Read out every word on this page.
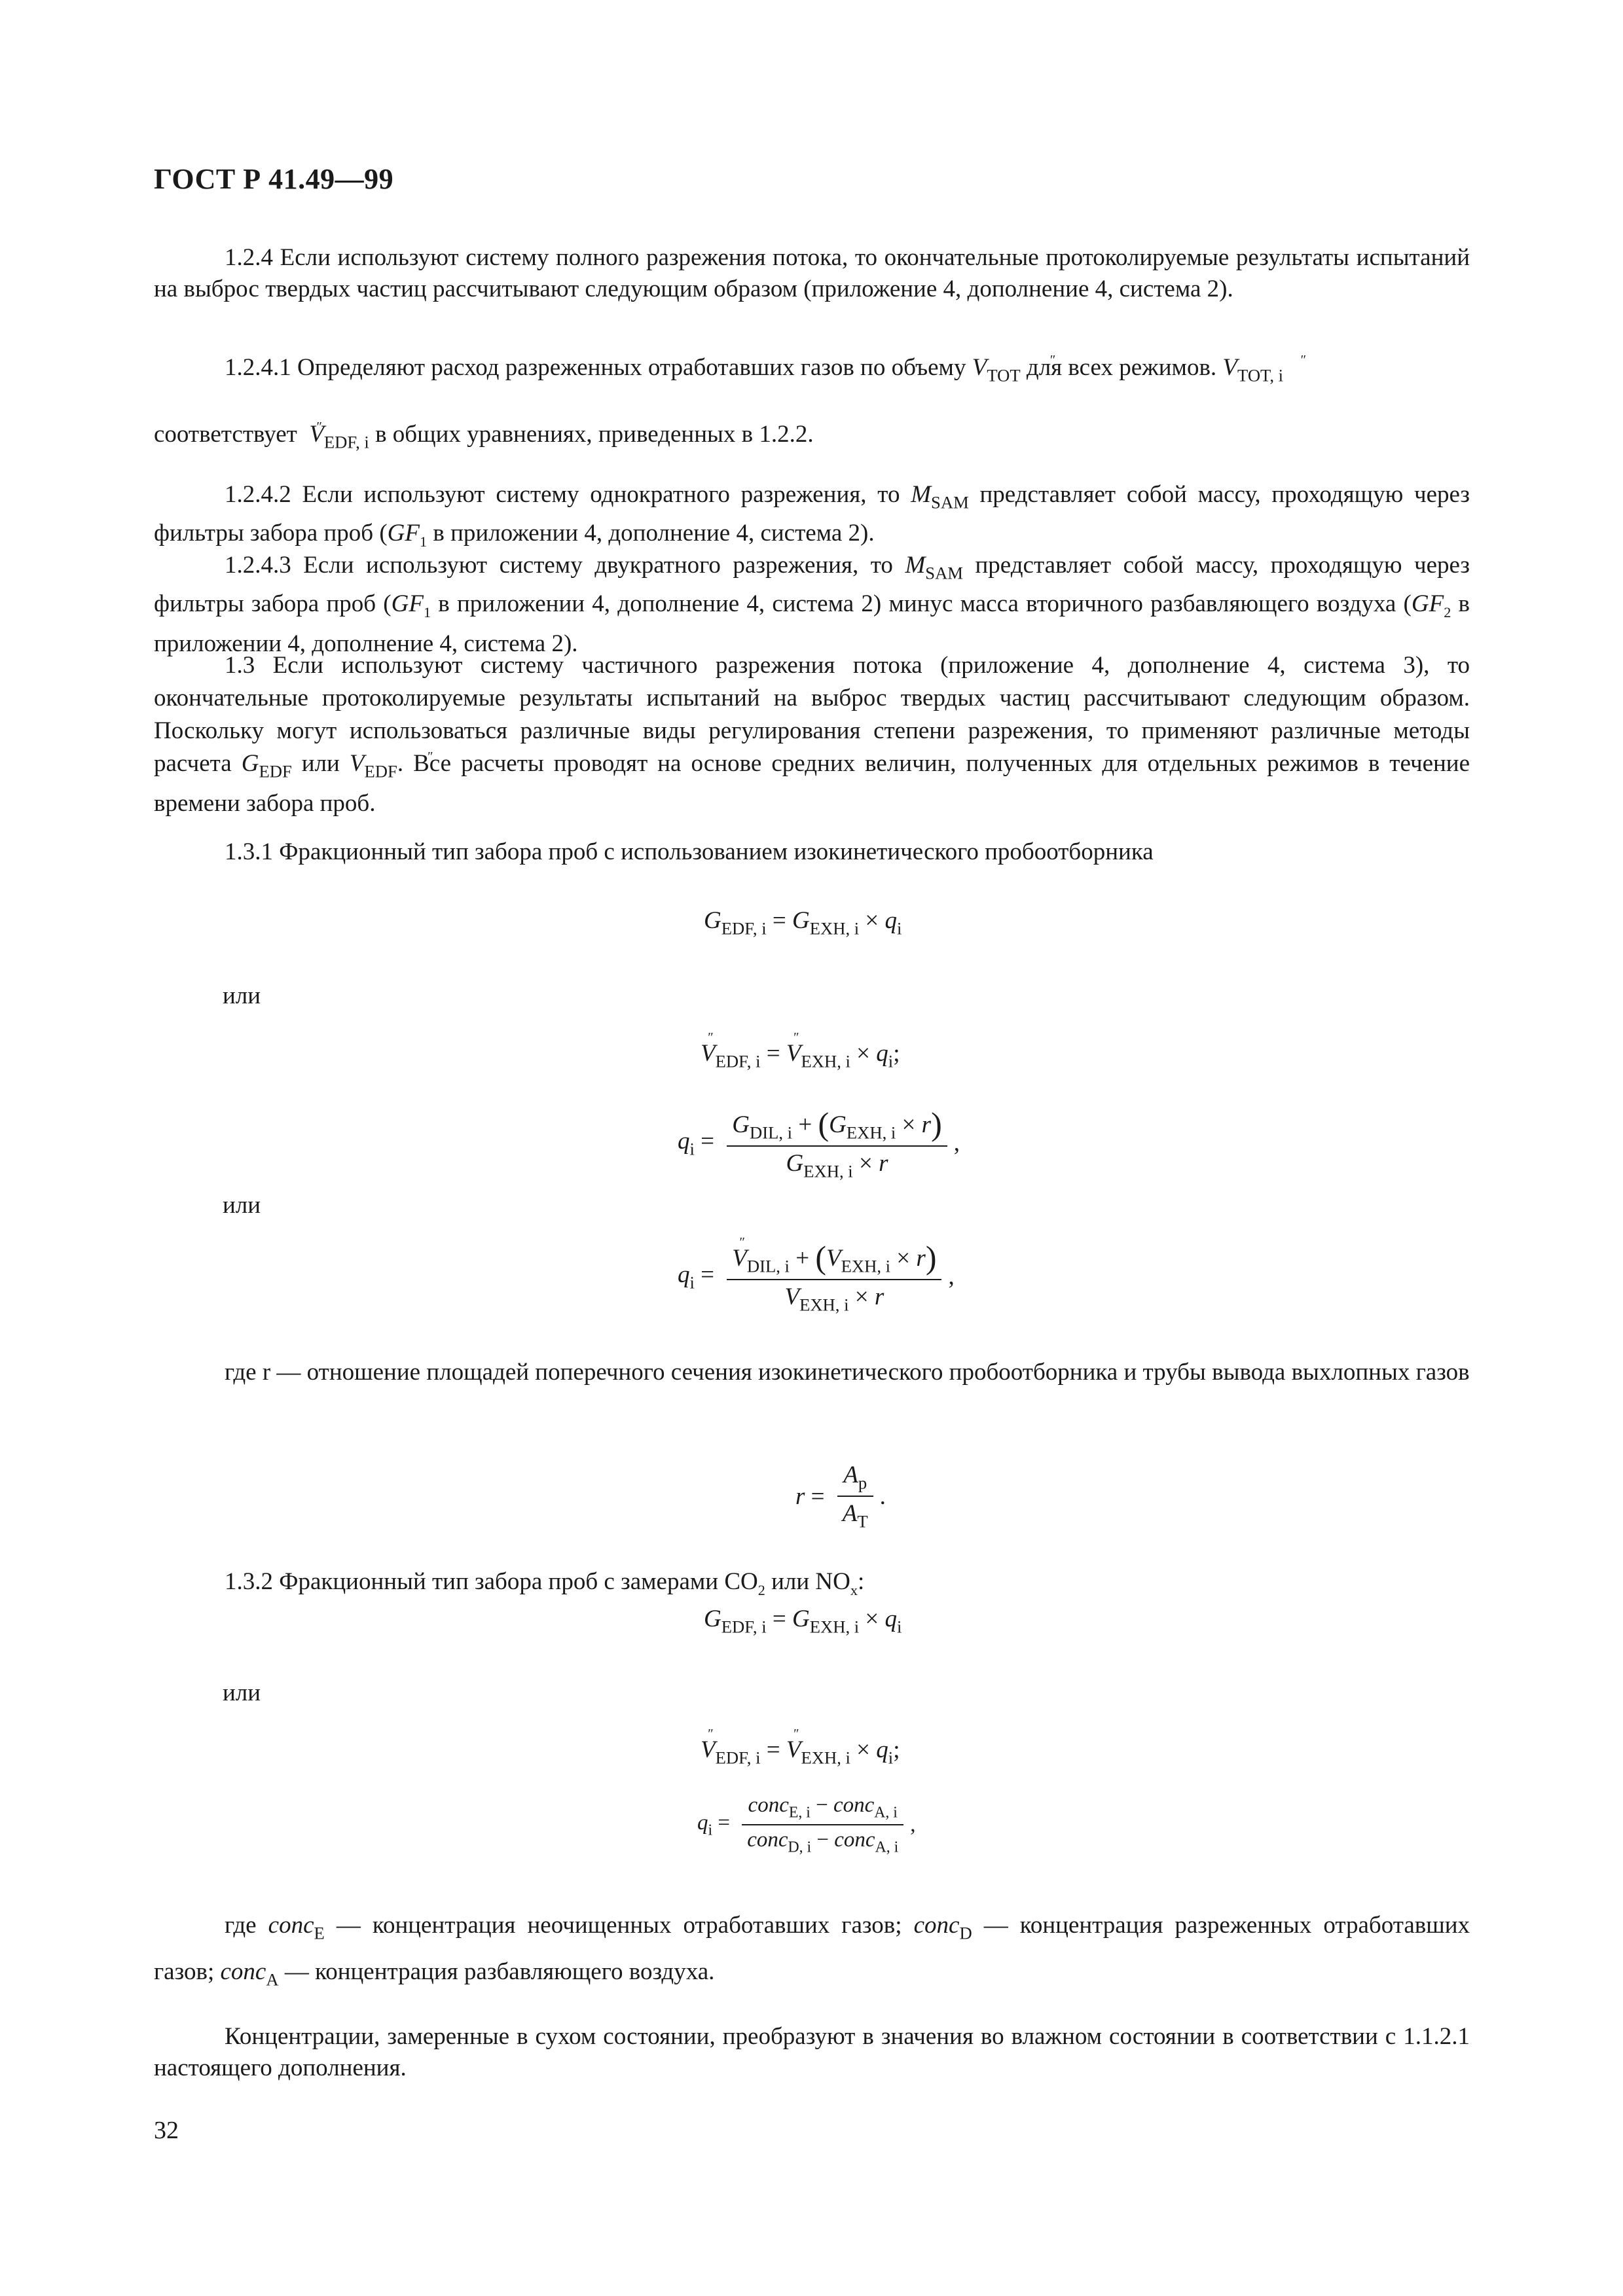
ГОСТ Р 41.49—99
1.2.4 Если используют систему полного разрежения потока, то окончательные протоколируемые результаты испытаний на выброс твердых частиц рассчитывают следующим образом (приложение 4, дополнение 4, система 2).
1.2.4.1 Определяют расход разреженных отработавших газов по объему V $''_{TOT}$ для всех режимов. V $''_{TOT, i}$
соответствует V $''_{EDF, i}$ в общих уравнениях, приведенных в 1.2.2.
1.2.4.2 Если используют систему однократного разрежения, то $M_{SAM}$ представляет собой массу, проходящую через фильтры забора проб ($GF_1$ в приложении 4, дополнение 4, система 2).
1.2.4.3 Если используют систему двукратного разрежения, то $M_{SAM}$ представляет собой массу, проходящую через фильтры забора проб ($GF_1$ в приложении 4, дополнение 4, система 2) минус масса вторичного разбавляющего воздуха ($GF_2$ в приложении 4, дополнение 4, система 2).
1.3 Если используют систему частичного разрежения потока (приложение 4, дополнение 4, система 3), то окончательные протоколируемые результаты испытаний на выброс твердых частиц рассчитывают следующим образом. Поскольку могут использоваться различные виды регулирования степени разрежения, то применяют различные методы расчета $G_{EDF}$ или V $''_{EDF}$. Все расчеты проводят на основе средних величин, полученных для отдельных режимов в течение времени забора проб.
1.3.1 Фракционный тип забора проб с использованием изокинетического пробоотборника
$G_{EDF, i} = G_{EXH, i} \times q_i$
или
V $''_{EDF, i} = V$ $''_{EXH, i} \times q_i$;
$q_i = \frac{G_{DIL, i} + (G_{EXH, i} \times r)}{G_{EXH, i} \times r}$ ,
или
$q_i = \frac{V ''_{DIL, i} + (V_{EXH, i} \times r)}{V_{EXH, i} \times r}$ ,
где r — отношение площадей поперечного сечения изокинетического пробоотборника и трубы вывода выхлопных газов
$r = \frac{A_p}{A_T}$ .
1.3.2 Фракционный тип забора проб с замерами $CO_2$ или $NO_x$:
$G_{EDF, i} = G_{EXH, i} \times q_i$
или
V $''_{EDF, i} = V$ $''_{EXH, i} \times q_i$;
$q_i = \frac{conc_{E, i} - conc_{A, i}}{conc_{D, i} - conc_{A, i}}$ ,
где conc$_E$ — концентрация неочищенных отработавших газов; conc$_D$ — концентрация разреженных отработавших газов; conc$_A$ — концентрация разбавляющего воздуха.
Концентрации, замеренные в сухом состоянии, преобразуют в значения во влажном состоянии в соответствии с 1.1.2.1 настоящего дополнения.
32
